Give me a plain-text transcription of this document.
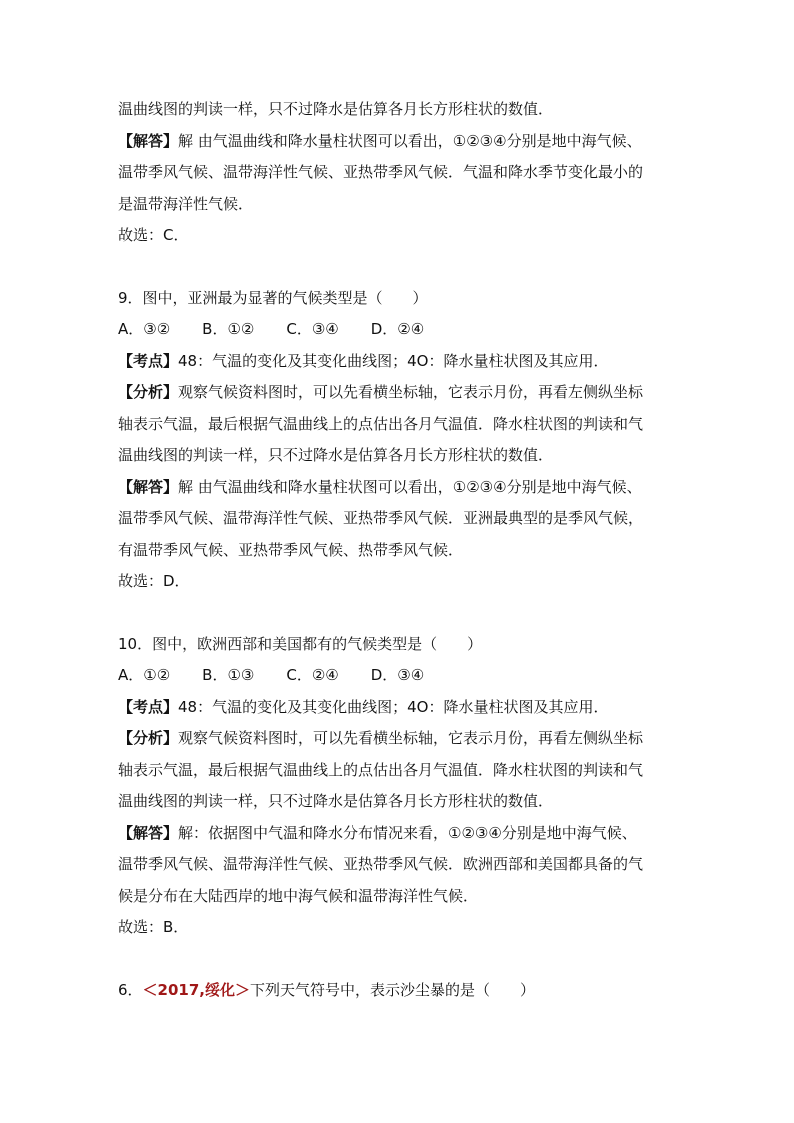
温曲线图的判读一样，只不过降水是估算各月长方形柱状的数值．
【解答】解 由气温曲线和降水量柱状图可以看出，①②③④分别是地中海气候、
温带季风气候、温带海洋性气候、亚热带季风气候．气温和降水季节变化最小的
是温带海洋性气候．
故选：C．
9．图中，亚洲最为显著的气候类型是（　　）
A．③② B．①② C．③④ D．②④
【考点】48：气温的变化及其变化曲线图；4O：降水量柱状图及其应用．
【分析】观察气候资料图时，可以先看横坐标轴，它表示月份，再看左侧纵坐标
轴表示气温，最后根据气温曲线上的点估出各月气温值．降水柱状图的判读和气
温曲线图的判读一样，只不过降水是估算各月长方形柱状的数值．
【解答】解 由气温曲线和降水量柱状图可以看出，①②③④分别是地中海气候、
温带季风气候、温带海洋性气候、亚热带季风气候．亚洲最典型的是季风气候，
有温带季风气候、亚热带季风气候、热带季风气候．
故选：D．
10．图中，欧洲西部和美国都有的气候类型是（　　）
A．①② B．①③ C．②④ D．③④
【考点】48：气温的变化及其变化曲线图；4O：降水量柱状图及其应用．
【分析】观察气候资料图时，可以先看横坐标轴，它表示月份，再看左侧纵坐标
轴表示气温，最后根据气温曲线上的点估出各月气温值．降水柱状图的判读和气
温曲线图的判读一样，只不过降水是估算各月长方形柱状的数值．
【解答】解：依据图中气温和降水分布情况来看，①②③④分别是地中海气候、
温带季风气候、温带海洋性气候、亚热带季风气候．欧洲西部和美国都具备的气
候是分布在大陆西岸的地中海气候和温带海洋性气候．
故选：B．
6．＜2017,绥化＞下列天气符号中，表示沙尘暴的是（　　）
